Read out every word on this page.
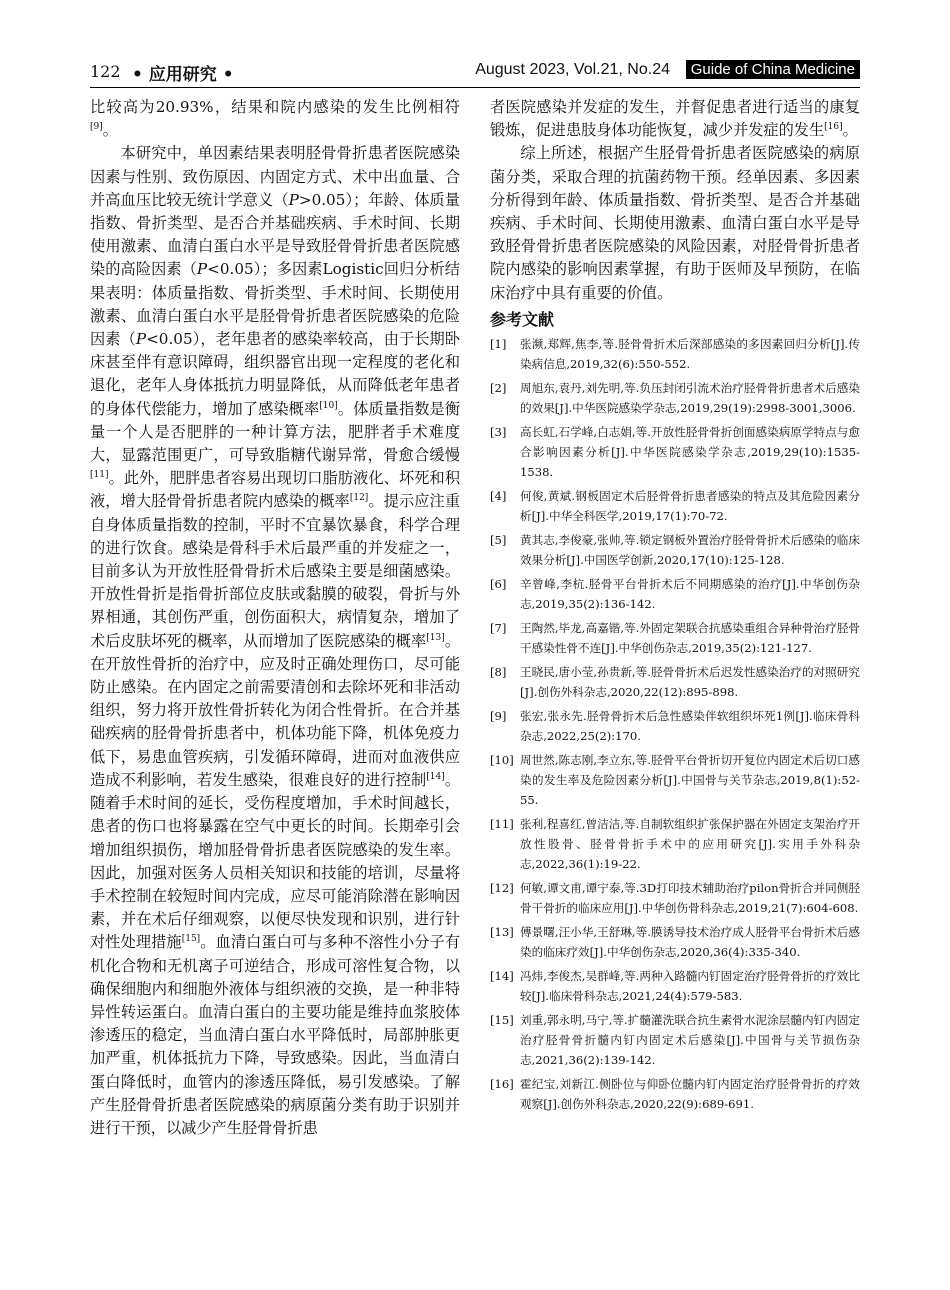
122 • 应用研究 •	August 2023, Vol.21, No.24	Guide of China Medicine

比较高为20.93%，结果和院内感染的发生比例相符[9]。

本研究中，单因素结果表明胫骨骨折患者医院感染因素与性别、致伤原因、内固定方式、术中出血量、合并高血压比较无统计学意义（P>0.05）；年龄、体质量指数、骨折类型、是否合并基础疾病、手术时间、长期使用激素、血清白蛋白水平是导致胫骨骨折患者医院感染的高险因素（P<0.05）；多因素Logistic回归分析结果表明：体质量指数、骨折类型、手术时间、长期使用激素、血清白蛋白水平是胫骨骨折患者医院感染的危险因素（P<0.05），老年患者的感染率较高，由于长期卧床甚至伴有意识障碍，组织器官出现一定程度的老化和退化，老年人身体抵抗力明显降低，从而降低老年患者的身体代偿能力，增加了感染概率[10]。体质量指数是衡量一个人是否肥胖的一种计算方法，肥胖者手术难度大，显露范围更广，可导致脂糖代谢异常，骨愈合缓慢[11]。此外，肥胖患者容易出现切口脂肪液化、坏死和积液，增大胫骨骨折患者院内感染的概率[12]。提示应注重自身体质量指数的控制，平时不宜暴饮暴食，科学合理的进行饮食。感染是骨科手术后最严重的并发症之一，目前多认为开放性胫骨骨折术后感染主要是细菌感染。开放性骨折是指骨折部位皮肤或黏膜的破裂，骨折与外界相通，其创伤严重，创伤面积大，病情复杂，增加了术后皮肤坏死的概率，从而增加了医院感染的概率[13]。在开放性骨折的治疗中，应及时正确处理伤口，尽可能防止感染。在内固定之前需要清创和去除坏死和非活动组织，努力将开放性骨折转化为闭合性骨折。在合并基础疾病的胫骨骨折患者中，机体功能下降，机体免疫力低下，易患血管疾病，引发循环障碍，进而对血液供应造成不利影响，若发生感染，很难良好的进行控制[14]。随着手术时间的延长，受伤程度增加，手术时间越长，患者的伤口也将暴露在空气中更长的时间。长期牵引会增加组织损伤，增加胫骨骨折患者医院感染的发生率。因此，加强对医务人员相关知识和技能的培训，尽量将手术控制在较短时间内完成，应尽可能消除潜在影响因素，并在术后仔细观察，以便尽快发现和识别，进行针对性处理措施[15]。血清白蛋白可与多种不溶性小分子有机化合物和无机离子可逆结合，形成可溶性复合物，以确保细胞内和细胞外液体与组织液的交换，是一种非特异性转运蛋白。血清白蛋白的主要功能是维持血浆胶体渗透压的稳定，当血清白蛋白水平降低时，局部肿胀更加严重，机体抵抗力下降，导致感染。因此，当血清白蛋白降低时，血管内的渗透压降低，易引发感染。了解产生胫骨骨折患者医院感染的病原菌分类有助于识别并进行干预，以减少产生胫骨骨折患

者医院感染并发症的发生，并督促患者进行适当的康复锻炼，促进患肢身体功能恢复，减少并发症的发生[16]。

综上所述，根据产生胫骨骨折患者医院感染的病原菌分类，采取合理的抗菌药物干预。经单因素、多因素分析得到年龄、体质量指数、骨折类型、是否合并基础疾病、手术时间、长期使用激素、血清白蛋白水平是导致胫骨骨折患者医院感染的风险因素，对胫骨骨折患者院内感染的影响因素掌握，有助于医师及早预防，在临床治疗中具有重要的价值。

参考文献
[1]	张濒,郑辉,焦李,等.胫骨骨折术后深部感染的多因素回归分析[J].传染病信息,2019,32(6):550-552.
[2]	周旭东,袁丹,刘先明,等.负压封闭引流术治疗胫骨骨折患者术后感染的效果[J].中华医院感染学杂志,2019,29(19):2998-3001,3006.
[3]	高长虹,石学峰,白志娟,等.开放性胫骨骨折创面感染病原学特点与愈合影响因素分析[J].中华医院感染学杂志,2019,29(10):1535-1538.
[4]	何俊,黄斌.钢板固定术后胫骨骨折患者感染的特点及其危险因素分析[J].中华全科医学,2019,17(1):70-72.
[5]	黄其志,李俊豪,张帅,等.锁定钢板外置治疗胫骨骨折术后感染的临床效果分析[J].中国医学创新,2020,17(10):125-128.
[6]	辛曾峰,李杭.胫骨平台骨折术后不同期感染的治疗[J].中华创伤杂志,2019,35(2):136-142.
[7]	王陶然,毕龙,高嘉锴,等.外固定架联合抗感染重组合异种骨治疗胫骨干感染性骨不连[J].中华创伤杂志,2019,35(2):121-127.
[8]	王晓民,唐小莹,孙贵新,等.胫骨骨折术后迟发性感染治疗的对照研究[J].创伤外科杂志,2020,22(12):895-898.
[9]	张宏,张永先.胫骨骨折术后急性感染伴软组织坏死1例[J].临床骨科杂志,2022,25(2):170.
[10] 周世然,陈志刚,李立东,等.胫骨平台骨折切开复位内固定术后切口感染的发生率及危险因素分析[J].中国骨与关节杂志,2019,8(1):52-55.
[11] 张利,程喜红,曾洁洁,等.自制软组织扩张保护器在外固定支架治疗开放性股骨、胫骨骨折手术中的应用研究[J].实用手外科杂志,2022,36(1):19-22.
[12] 何敏,谭文甫,谭宁泰,等.3D打印技术辅助治疗pilon骨折合并同侧胫骨干骨折的临床应用[J].中华创伤骨科杂志,2019,21(7):604-608.
[13] 傅景曙,汪小华,王舒琳,等.膜诱导技术治疗成人胫骨平台骨折术后感染的临床疗效[J].中华创伤杂志,2020,36(4):335-340.
[14] 冯炜,李俊杰,吴群峰,等.两种入路髓内钉固定治疗胫骨骨折的疗效比较[J].临床骨科杂志,2021,24(4):579-583.
[15] 刘重,郭永明,马宁,等.扩髓灌洗联合抗生素骨水泥涂层髓内钉内固定治疗胫骨骨折髓内钉内固定术后感染[J].中国骨与关节损伤杂志,2021,36(2):139-142.
[16] 霍纪宝,刘新江.侧卧位与仰卧位髓内钉内固定治疗胫骨骨折的疗效观察[J].创伤外科杂志,2020,22(9):689-691.
